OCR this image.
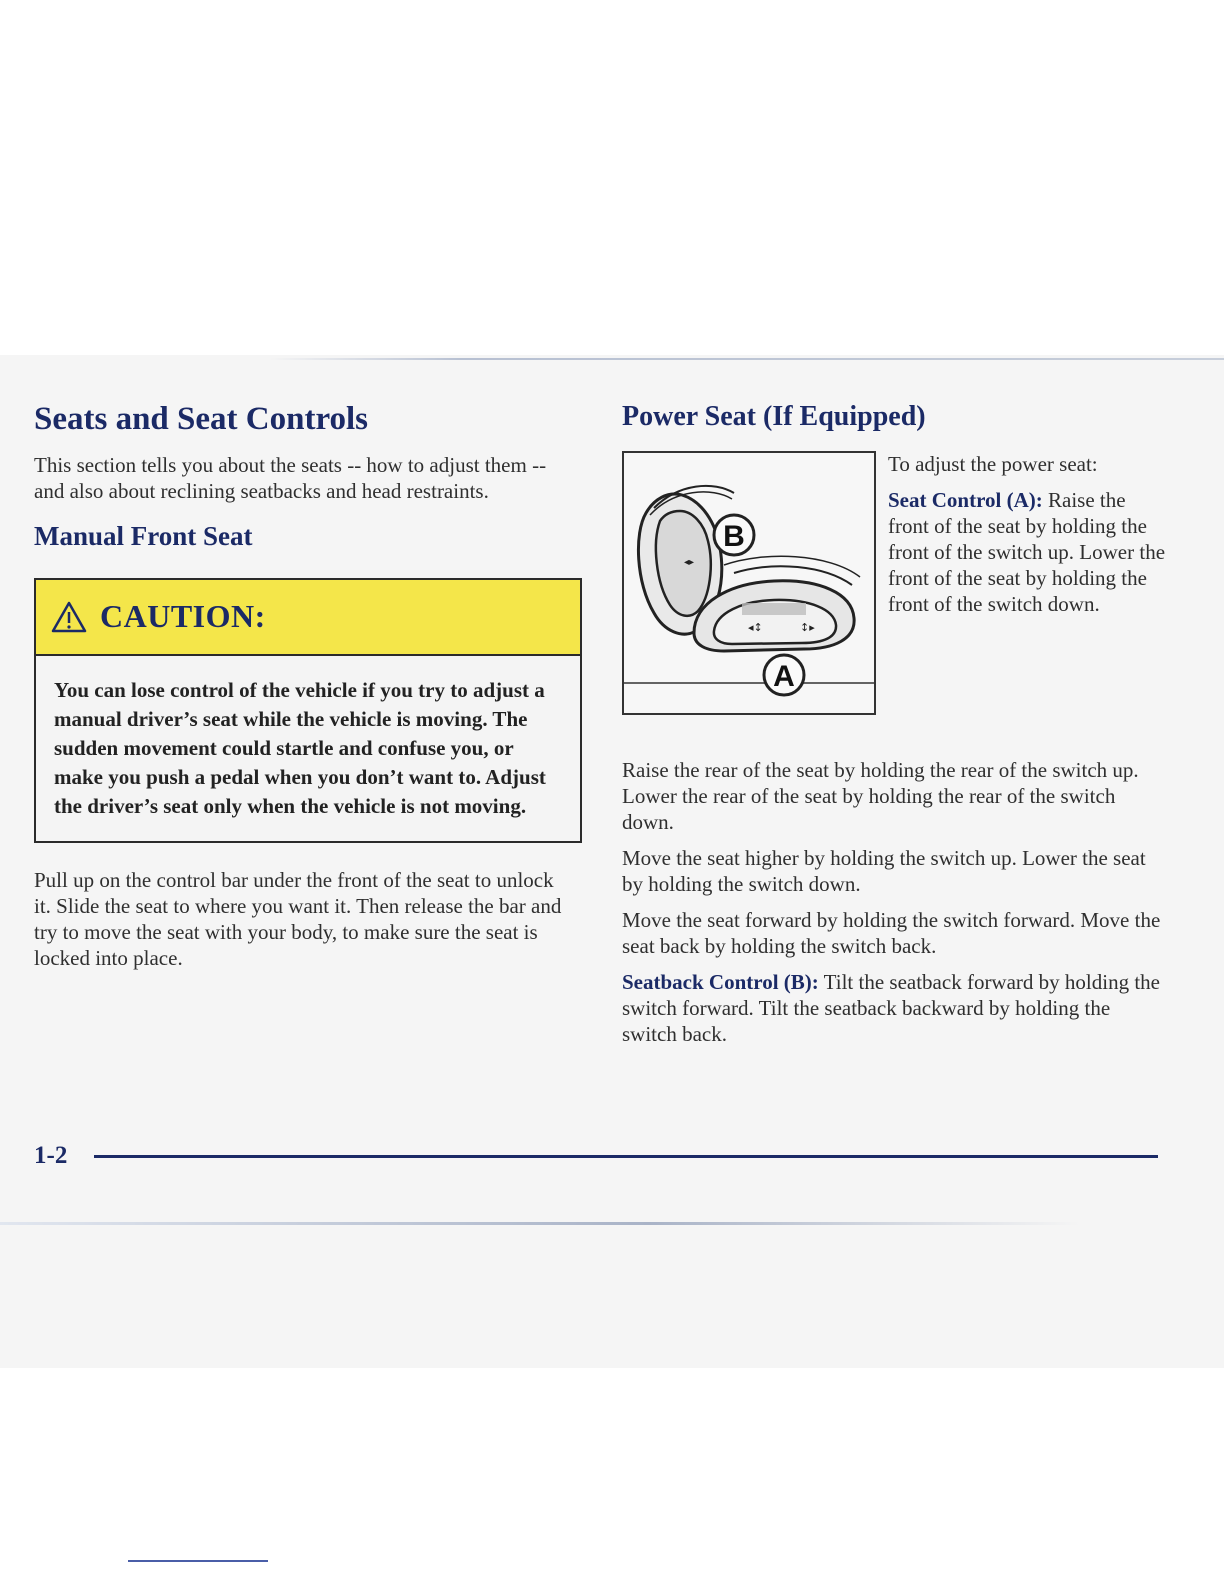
Seats and Seat Controls

This section tells you about the seats -- how to adjust them -- and also about reclining seatbacks and head restraints.

Manual Front Seat
CAUTION:
You can lose control of the vehicle if you try to adjust a manual driver’s seat while the vehicle is moving. The sudden movement could startle and confuse you, or make you push a pedal when you don’t want to. Adjust the driver’s seat only when the vehicle is not moving.

Pull up on the control bar under the front of the seat to unlock it. Slide the seat to where you want it. Then release the bar and try to move the seat with your body, to make sure the seat is locked into place.

Power Seat (If Equipped)
◂▸
◂↕	↕▸
B
A

To adjust the power seat:

Seat Control (A): Raise the front of the seat by holding the front of the switch up. Lower the front of the seat by holding the front of the switch down.

Raise the rear of the seat by holding the rear of the switch up. Lower the rear of the seat by holding the rear of the switch down.

Move the seat higher by holding the switch up. Lower the seat by holding the switch down.

Move the seat forward by holding the switch forward. Move the seat back by holding the switch back.

Seatback Control (B): Tilt the seatback forward by holding the switch forward. Tilt the seatback backward by holding the switch back.

1-2
